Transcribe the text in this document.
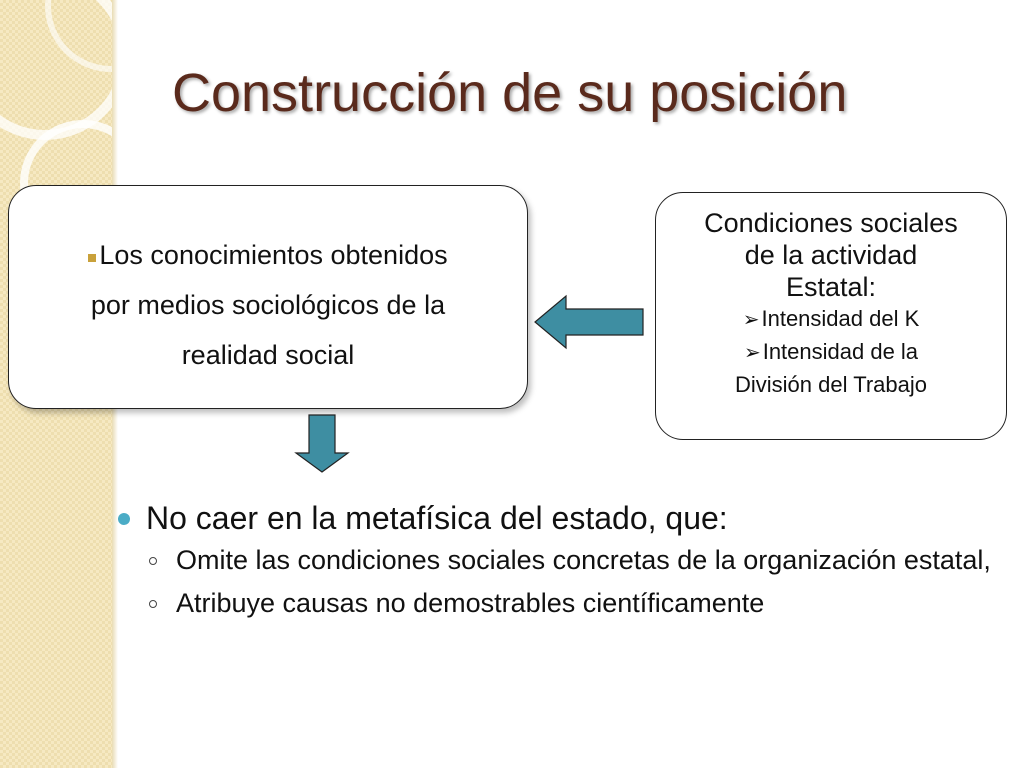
Construcción de su posición
Los conocimientos obtenidos
por medios sociológicos de la
realidad social
Condiciones sociales
de la actividad
Estatal:
➢Intensidad del K
➢Intensidad de la
División del Trabajo
No caer en la metafísica del estado, que:
Omite las condiciones sociales concretas de la organización estatal,
Atribuye causas no demostrables científicamente
